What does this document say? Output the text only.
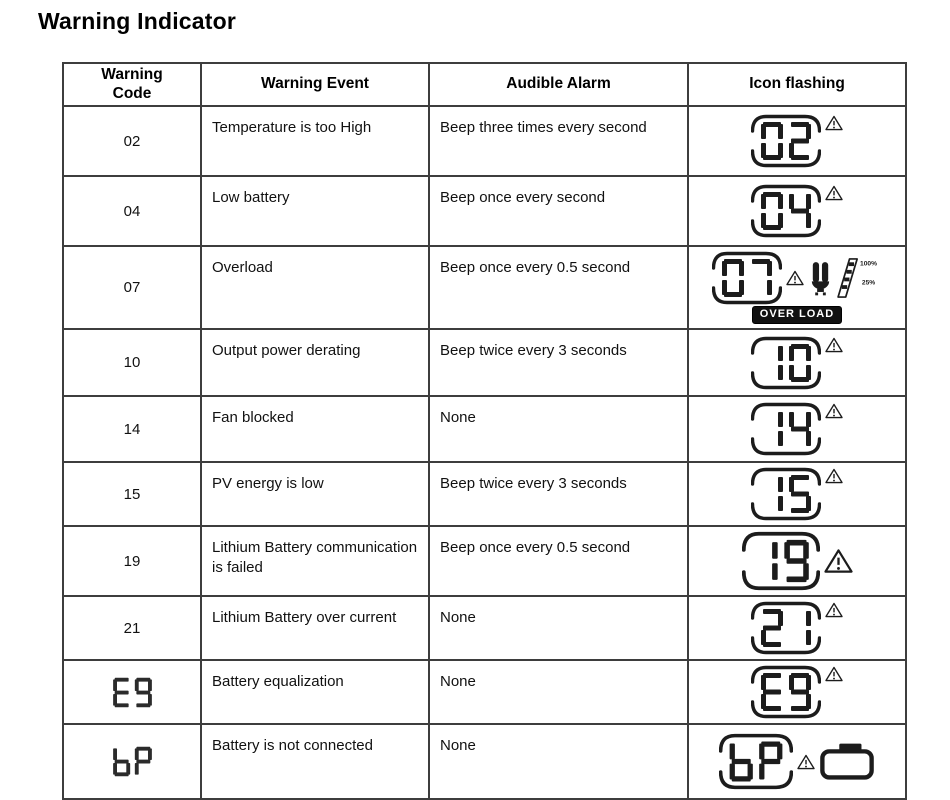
Warning Indicator
Warning Code	Warning Event	Audible Alarm	Icon flashing
02	Temperature is too High	Beep three times every second	

04	Low battery	Beep once every second	

07	Overload	Beep once every 0.5 second	100%
25%
OVER LOAD

10	Output power derating	Beep twice every 3 seconds	

14	Fan blocked	None	

15	PV energy is low	Beep twice every 3 seconds	

19	Lithium Battery communication is failed	Beep once every 0.5 second	

21	Lithium Battery over current	None	

	Battery equalization	None	

	Battery is not connected	None	
